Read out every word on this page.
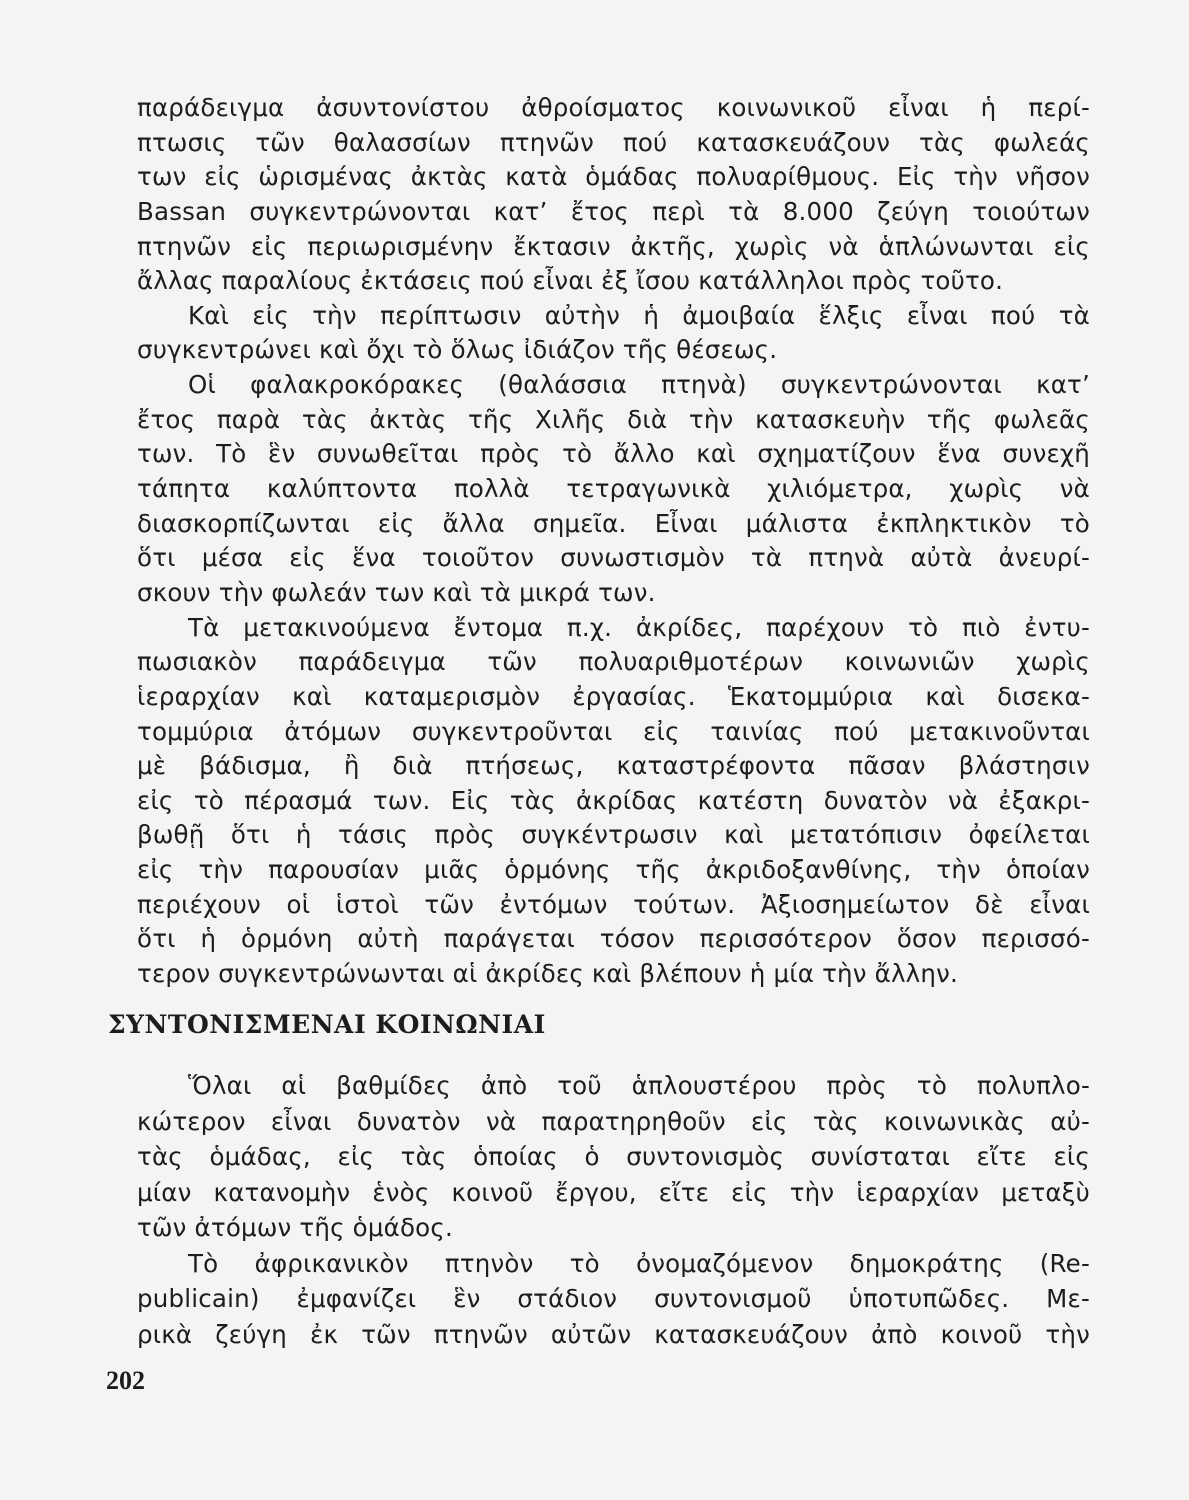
παράδειγμα ἀσυντονίστου ἀθροίσματος κοινωνικοῦ εἶναι ἡ περί-
πτωσις τῶν θαλασσίων πτηνῶν πού κατασκευάζουν τὰς φωλεάς
των εἰς ὡρισμένας ἀκτὰς κατὰ ὁμάδας πολυαρίθμους. Εἰς τὴν νῆσον
Bassan συγκεντρώνονται κατ’ ἔτος περὶ τὰ 8.000 ζεύγη τοιούτων
πτηνῶν εἰς περιωρισμένην ἔκτασιν ἀκτῆς, χωρὶς νὰ ἁπλώνωνται εἰς
ἄλλας παραλίους ἐκτάσεις πού εἶναι ἐξ ἴσου κατάλληλοι πρὸς τοῦτο.
Καὶ εἰς τὴν περίπτωσιν αὐτὴν ἡ ἀμοιβαία ἕλξις εἶναι πού τὰ
συγκεντρώνει καὶ ὄχι τὸ ὅλως ἰδιάζον τῆς θέσεως.
Οἱ φαλακροκόρακες (θαλάσσια πτηνὰ) συγκεντρώνονται κατ’
ἔτος παρὰ τὰς ἀκτὰς τῆς Χιλῆς διὰ τὴν κατασκευὴν τῆς φωλεᾶς
των. Τὸ ἓν συνωθεῖται πρὸς τὸ ἄλλο καὶ σχηματίζουν ἕνα συνεχῆ
τάπητα καλύπτοντα πολλὰ τετραγωνικὰ χιλιόμετρα, χωρὶς νὰ
διασκορπίζωνται εἰς ἄλλα σημεῖα. Εἶναι μάλιστα ἐκπληκτικὸν τὸ
ὅτι μέσα εἰς ἕνα τοιοῦτον συνωστισμὸν τὰ πτηνὰ αὐτὰ ἀνευρί-
σκουν τὴν φωλεάν των καὶ τὰ μικρά των.
Τὰ μετακινούμενα ἔντομα π.χ. ἀκρίδες, παρέχουν τὸ πιὸ ἐντυ-
πωσιακὸν παράδειγμα τῶν πολυαριθμοτέρων κοινωνιῶν χωρὶς
ἱεραρχίαν καὶ καταμερισμὸν ἐργασίας. Ἑκατομμύρια καὶ δισεκα-
τομμύρια ἀτόμων συγκεντροῦνται εἰς ταινίας πού μετακινοῦνται
μὲ βάδισμα, ἢ διὰ πτήσεως, καταστρέφοντα πᾶσαν βλάστησιν
εἰς τὸ πέρασμά των. Εἰς τὰς ἀκρίδας κατέστη δυνατὸν νὰ ἐξακρι-
βωθῇ ὅτι ἡ τάσις πρὸς συγκέντρωσιν καὶ μετατόπισιν ὀφείλεται
εἰς τὴν παρουσίαν μιᾶς ὁρμόνης τῆς ἀκριδοξανθίνης, τὴν ὁποίαν
περιέχουν οἱ ἱστοὶ τῶν ἐντόμων τούτων. Ἀξιοσημείωτον δὲ εἶναι
ὅτι ἡ ὁρμόνη αὐτὴ παράγεται τόσον περισσότερον ὅσον περισσό-
τερον συγκεντρώνωνται αἱ ἀκρίδες καὶ βλέπουν ἡ μία τὴν ἄλλην.
ΣΥΝΤΟΝΙΣΜΕΝΑΙ ΚΟΙΝΩΝΙΑΙ
Ὅλαι αἱ βαθμίδες ἀπὸ τοῦ ἁπλουστέρου πρὸς τὸ πολυπλο-
κώτερον εἶναι δυνατὸν νὰ παρατηρηθοῦν εἰς τὰς κοινωνικὰς αὐ-
τὰς ὁμάδας, εἰς τὰς ὁποίας ὁ συντονισμὸς συνίσταται εἴτε εἰς
μίαν κατανομὴν ἑνὸς κοινοῦ ἔργου, εἴτε εἰς τὴν ἱεραρχίαν μεταξὺ
τῶν ἀτόμων τῆς ὁμάδος.
Τὸ ἀφρικανικὸν πτηνὸν τὸ ὀνομαζόμενον δημοκράτης (Re-
publicain) ἐμφανίζει ἓν στάδιον συντονισμοῦ ὑποτυπῶδες. Με-
ρικὰ ζεύγη ἐκ τῶν πτηνῶν αὐτῶν κατασκευάζουν ἀπὸ κοινοῦ τὴν
202
